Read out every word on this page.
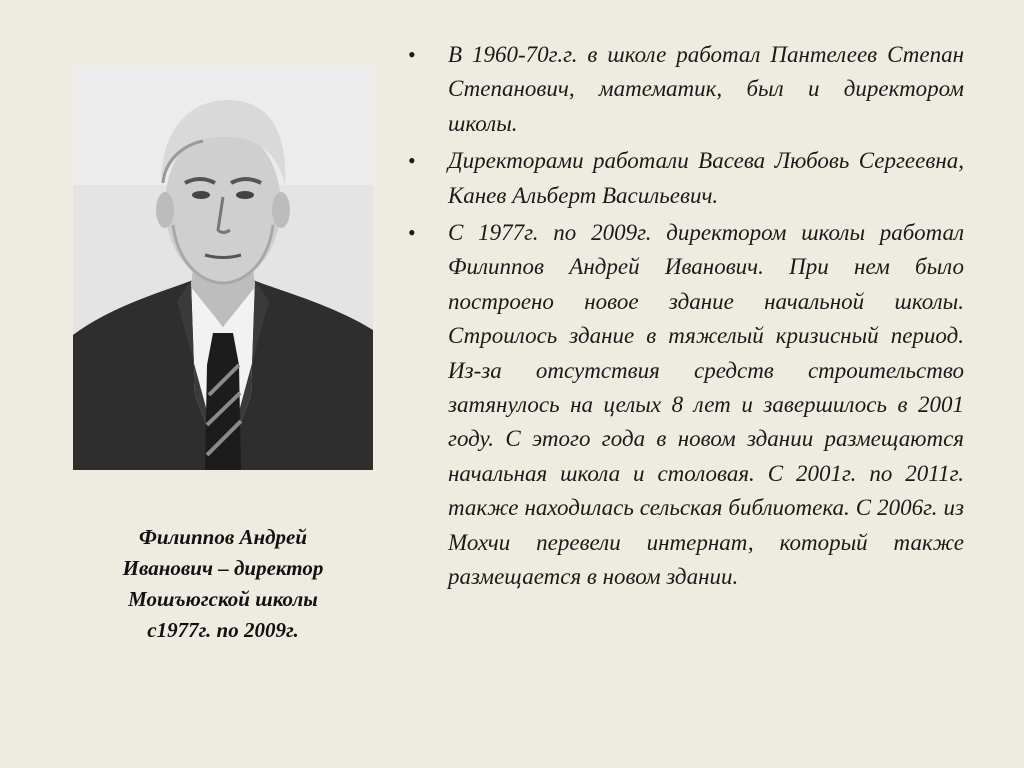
Филиппов Андрей
Иванович – директор
Мошъюгской школы
с1977г. по 2009г.
• В 1960-70г.г. в школе работал Пантелеев Степан Степанович, математик, был и директором школы.
• Директорами работали Васева Любовь Сергеевна, Канев Альберт Васильевич.
• С 1977г. по 2009г. директором школы работал Филиппов Андрей Иванович. При нем было построено новое здание начальной школы. Строилось здание в тяжелый кризисный период. Из-за отсутствия средств строительство затянулось на целых 8 лет и завершилось в 2001 году. С этого года в новом здании размещаются начальная школа и столовая. С 2001г. по 2011г. также находилась сельская библиотека. С 2006г. из Мохчи перевели интернат, который также размещается в новом здании.
